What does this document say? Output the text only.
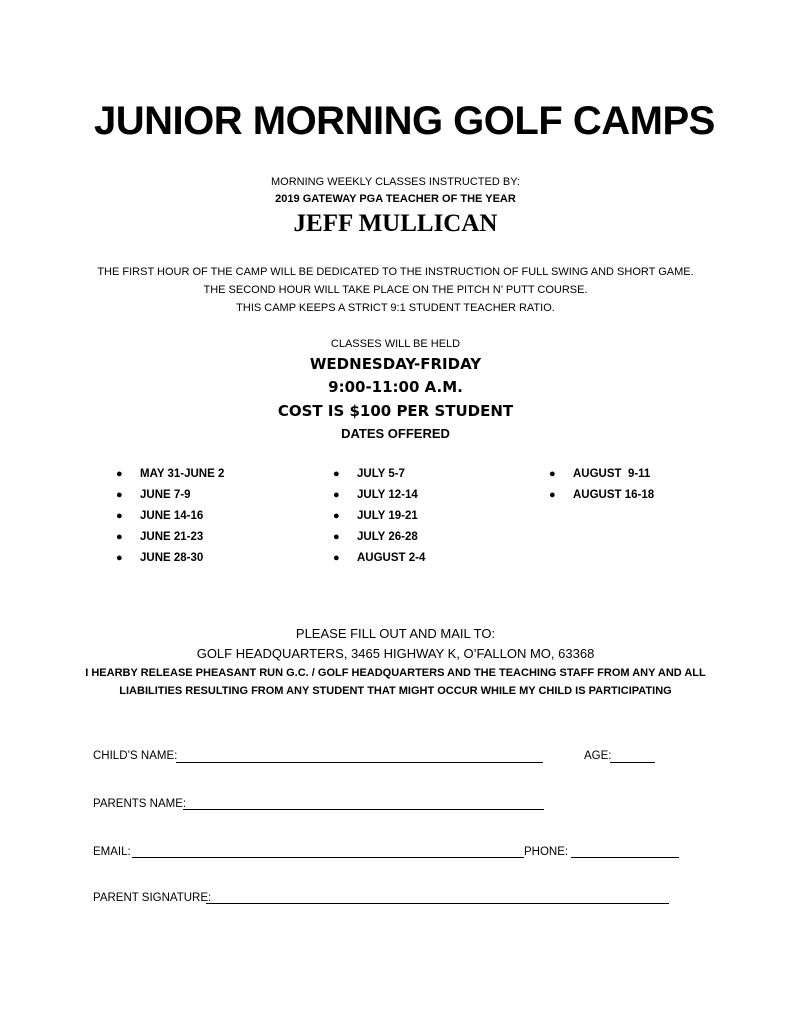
JUNIOR MORNING GOLF CAMPS
MORNING WEEKLY CLASSES INSTRUCTED BY:
2019 GATEWAY PGA TEACHER OF THE YEAR
JEFF MULLICAN
THE FIRST HOUR OF THE CAMP WILL BE DEDICATED TO THE INSTRUCTION OF FULL SWING AND SHORT GAME.
THE SECOND HOUR WILL TAKE PLACE ON THE PITCH N’ PUTT COURSE.
THIS CAMP KEEPS A STRICT 9:1 STUDENT TEACHER RATIO.
CLASSES WILL BE HELD
WEDNESDAY-FRIDAY
9:00-11:00 A.M.
COST IS $100 PER STUDENT
DATES OFFERED
● MAY 31-JUNE 2
● JUNE 7-9
● JUNE 14-16
● JUNE 21-23
● JUNE 28-30
● JULY 5-7
● JULY 12-14
● JULY 19-21
● JULY 26-28
● AUGUST 2-4
● AUGUST  9-11
● AUGUST 16-18
PLEASE FILL OUT AND MAIL TO:
GOLF HEADQUARTERS, 3465 HIGHWAY K, O’FALLON MO, 63368
I HEARBY RELEASE PHEASANT RUN G.C. / GOLF HEADQUARTERS AND THE TEACHING STAFF FROM ANY AND ALL
LIABILITIES RESULTING FROM ANY STUDENT THAT MIGHT OCCUR WHILE MY CHILD IS PARTICIPATING
CHILD’S NAME:	AGE:
PARENTS NAME:
EMAIL:	PHONE:
PARENT SIGNATURE:
